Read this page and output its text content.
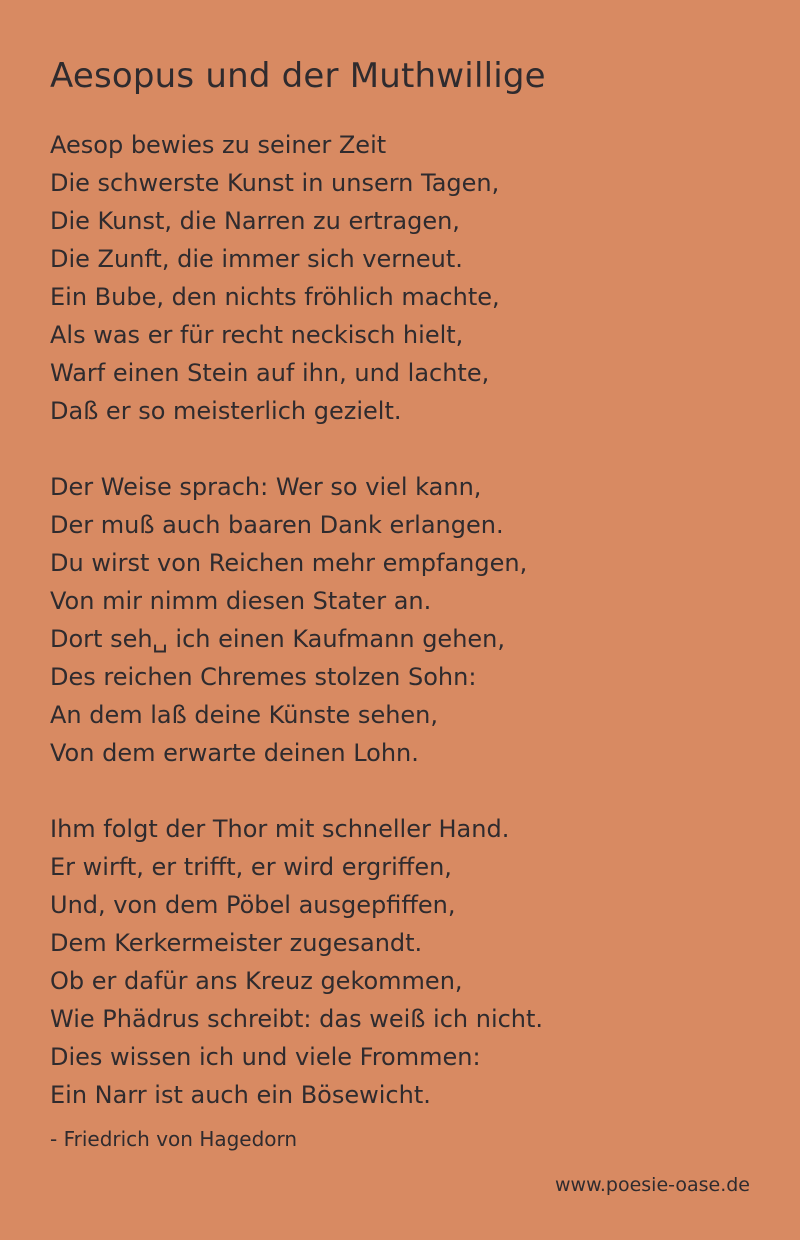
Aesopus und der Muthwillige
Aesop bewies zu seiner Zeit
Die schwerste Kunst in unsern Tagen,
Die Kunst, die Narren zu ertragen,
Die Zunft, die immer sich verneut.
Ein Bube, den nichts fröhlich machte,
Als was er für recht neckisch hielt,
Warf einen Stein auf ihn, und lachte,
Daß er so meisterlich gezielt.
Der Weise sprach: Wer so viel kann,
Der muß auch baaren Dank erlangen.
Du wirst von Reichen mehr empfangen,
Von mir nimm diesen Stater an.
Dort seh␣ ich einen Kaufmann gehen,
Des reichen Chremes stolzen Sohn:
An dem laß deine Künste sehen,
Von dem erwarte deinen Lohn.
Ihm folgt der Thor mit schneller Hand.
Er wirft, er trifft, er wird ergriffen,
Und, von dem Pöbel ausgepfiffen,
Dem Kerkermeister zugesandt.
Ob er dafür ans Kreuz gekommen,
Wie Phädrus schreibt: das weiß ich nicht.
Dies wissen ich und viele Frommen:
Ein Narr ist auch ein Bösewicht.
- Friedrich von Hagedorn
www.poesie-oase.de
